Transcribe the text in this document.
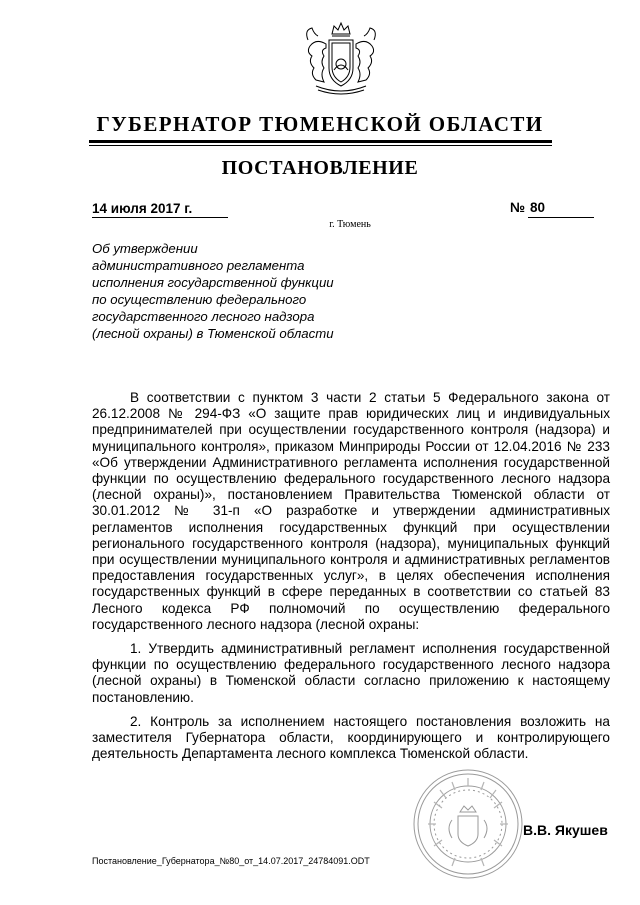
ГУБЕРНАТОР ТЮМЕНСКОЙ ОБЛАСТИ
ПОСТАНОВЛЕНИЕ
14 июля 2017 г.	№ 80
г. Тюмень
Об утверждении
административного регламента
исполнения государственной функции
по осуществлению федерального
государственного лесного надзора
(лесной охраны) в Тюменской области

В соответствии с пунктом 3 части 2 статьи 5 Федерального закона от 26.12.2008 № 294-ФЗ «О защите прав юридических лиц и индивидуальных предпринимателей при осуществлении государственного контроля (надзора) и муниципального контроля», приказом Минприроды России от 12.04.2016 № 233 «Об утверждении Административного регламента исполнения государственной функции по осуществлению федерального государственного лесного надзора (лесной охраны)», постановлением Правительства Тюменской области от 30.01.2012 № 31-п «О разработке и утверждении административных регламентов исполнения государственных функций при осуществлении регионального государственного контроля (надзора), муниципальных функций при осуществлении муниципального контроля и административных регламентов предоставления государственных услуг», в целях обеспечения исполнения государственных функций в сфере переданных в соответствии со статьей 83 Лесного кодекса РФ полномочий по осуществлению федерального государственного лесного надзора (лесной охраны:

1. Утвердить административный регламент исполнения государственной функции по осуществлению федерального государственного лесного надзора (лесной охраны) в Тюменской области согласно приложению к настоящему постановлению.

2. Контроль за исполнением настоящего постановления возложить на заместителя Губернатора области, координирующего и контролирующего деятельность Департамента лесного комплекса Тюменской области.

В.В. Якушев
Постановление_Губернатора_№80_от_14.07.2017_24784091.ODT
